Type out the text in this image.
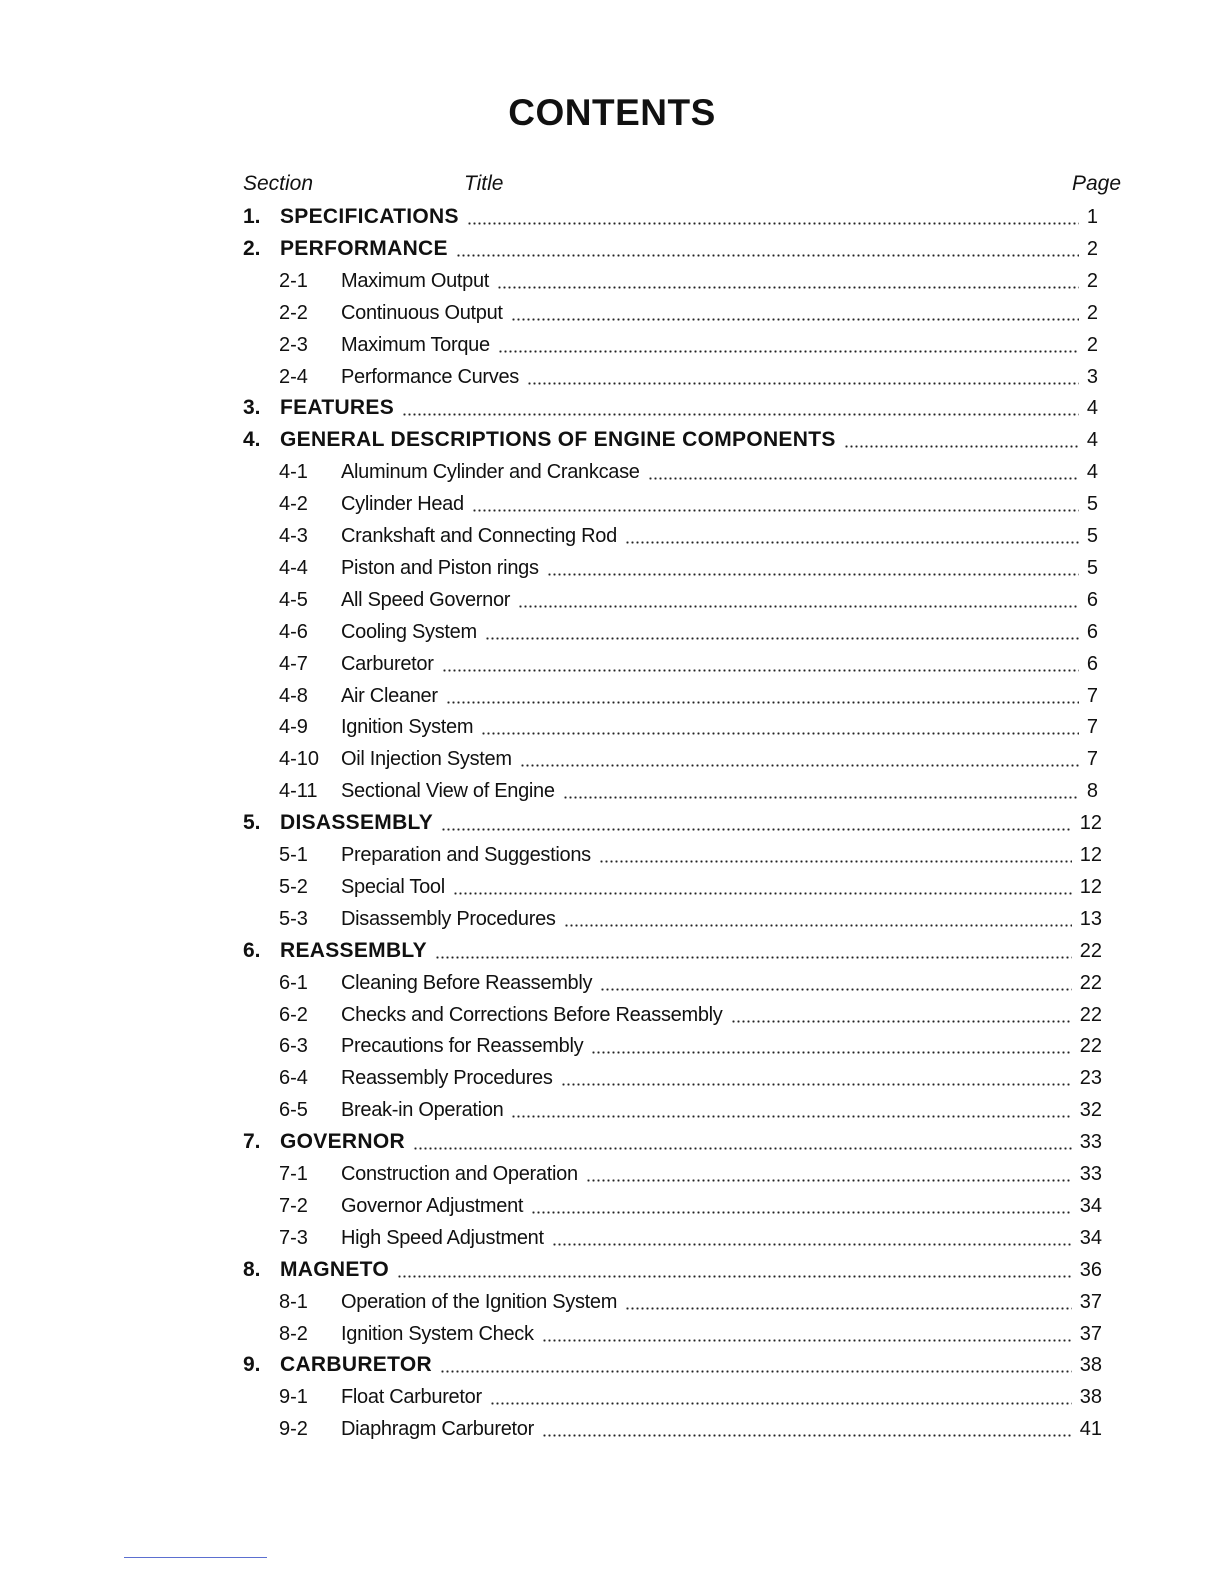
CONTENTS
Section	Title	Page
1. SPECIFICATIONS	1
2. PERFORMANCE	2
2-1 Maximum Output	2
2-2 Continuous Output	2
2-3 Maximum Torque	2
2-4 Performance Curves	3
3. FEATURES	4
4. GENERAL DESCRIPTIONS OF ENGINE COMPONENTS	4
4-1 Aluminum Cylinder and Crankcase	4
4-2 Cylinder Head	5
4-3 Crankshaft and Connecting Rod	5
4-4 Piston and Piston rings	5
4-5 All Speed Governor	6
4-6 Cooling System	6
4-7 Carburetor	6
4-8 Air Cleaner	7
4-9 Ignition System	7
4-10 Oil Injection System	7
4-11 Sectional View of Engine	8
5. DISASSEMBLY	12
5-1 Preparation and Suggestions	12
5-2 Special Tool	12
5-3 Disassembly Procedures	13
6. REASSEMBLY	22
6-1 Cleaning Before Reassembly	22
6-2 Checks and Corrections Before Reassembly	22
6-3 Precautions for Reassembly	22
6-4 Reassembly Procedures	23
6-5 Break-in Operation	32
7. GOVERNOR	33
7-1 Construction and Operation	33
7-2 Governor Adjustment	34
7-3 High Speed Adjustment	34
8. MAGNETO	36
8-1 Operation of the Ignition System	37
8-2 Ignition System Check	37
9. CARBURETOR	38
9-1 Float Carburetor	38
9-2 Diaphragm Carburetor	41
